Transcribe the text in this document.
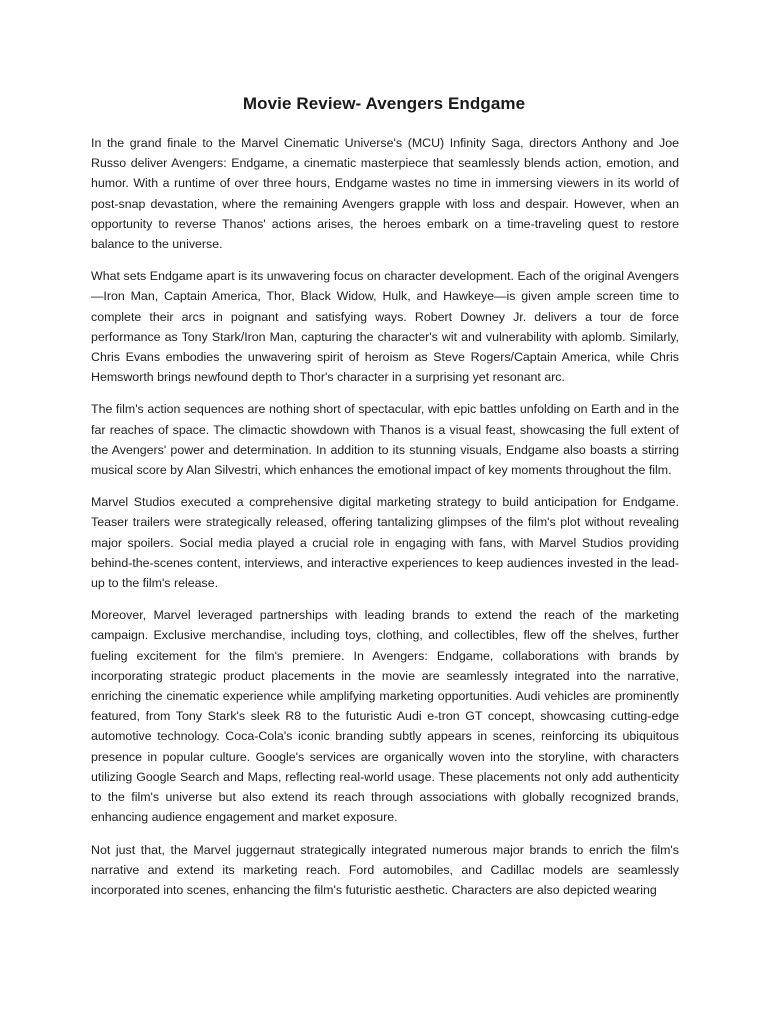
Movie Review- Avengers Endgame

In the grand finale to the Marvel Cinematic Universe's (MCU) Infinity Saga, directors Anthony and Joe Russo deliver Avengers: Endgame, a cinematic masterpiece that seamlessly blends action, emotion, and humor. With a runtime of over three hours, Endgame wastes no time in immersing viewers in its world of post-snap devastation, where the remaining Avengers grapple with loss and despair. However, when an opportunity to reverse Thanos' actions arises, the heroes embark on a time-traveling quest to restore balance to the universe.

What sets Endgame apart is its unwavering focus on character development. Each of the original Avengers—Iron Man, Captain America, Thor, Black Widow, Hulk, and Hawkeye—is given ample screen time to complete their arcs in poignant and satisfying ways. Robert Downey Jr. delivers a tour de force performance as Tony Stark/Iron Man, capturing the character's wit and vulnerability with aplomb. Similarly, Chris Evans embodies the unwavering spirit of heroism as Steve Rogers/Captain America, while Chris Hemsworth brings newfound depth to Thor's character in a surprising yet resonant arc.

The film's action sequences are nothing short of spectacular, with epic battles unfolding on Earth and in the far reaches of space. The climactic showdown with Thanos is a visual feast, showcasing the full extent of the Avengers' power and determination. In addition to its stunning visuals, Endgame also boasts a stirring musical score by Alan Silvestri, which enhances the emotional impact of key moments throughout the film.

Marvel Studios executed a comprehensive digital marketing strategy to build anticipation for Endgame. Teaser trailers were strategically released, offering tantalizing glimpses of the film's plot without revealing major spoilers. Social media played a crucial role in engaging with fans, with Marvel Studios providing behind-the-scenes content, interviews, and interactive experiences to keep audiences invested in the lead-up to the film's release.

Moreover, Marvel leveraged partnerships with leading brands to extend the reach of the marketing campaign. Exclusive merchandise, including toys, clothing, and collectibles, flew off the shelves, further fueling excitement for the film's premiere. In Avengers: Endgame, collaborations with brands by incorporating strategic product placements in the movie are seamlessly integrated into the narrative, enriching the cinematic experience while amplifying marketing opportunities. Audi vehicles are prominently featured, from Tony Stark's sleek R8 to the futuristic Audi e-tron GT concept, showcasing cutting-edge automotive technology. Coca-Cola's iconic branding subtly appears in scenes, reinforcing its ubiquitous presence in popular culture. Google's services are organically woven into the storyline, with characters utilizing Google Search and Maps, reflecting real-world usage. These placements not only add authenticity to the film's universe but also extend its reach through associations with globally recognized brands, enhancing audience engagement and market exposure.

Not just that, the Marvel juggernaut strategically integrated numerous major brands to enrich the film's narrative and extend its marketing reach. Ford automobiles, and Cadillac models are seamlessly incorporated into scenes, enhancing the film's futuristic aesthetic. Characters are also depicted wearing
